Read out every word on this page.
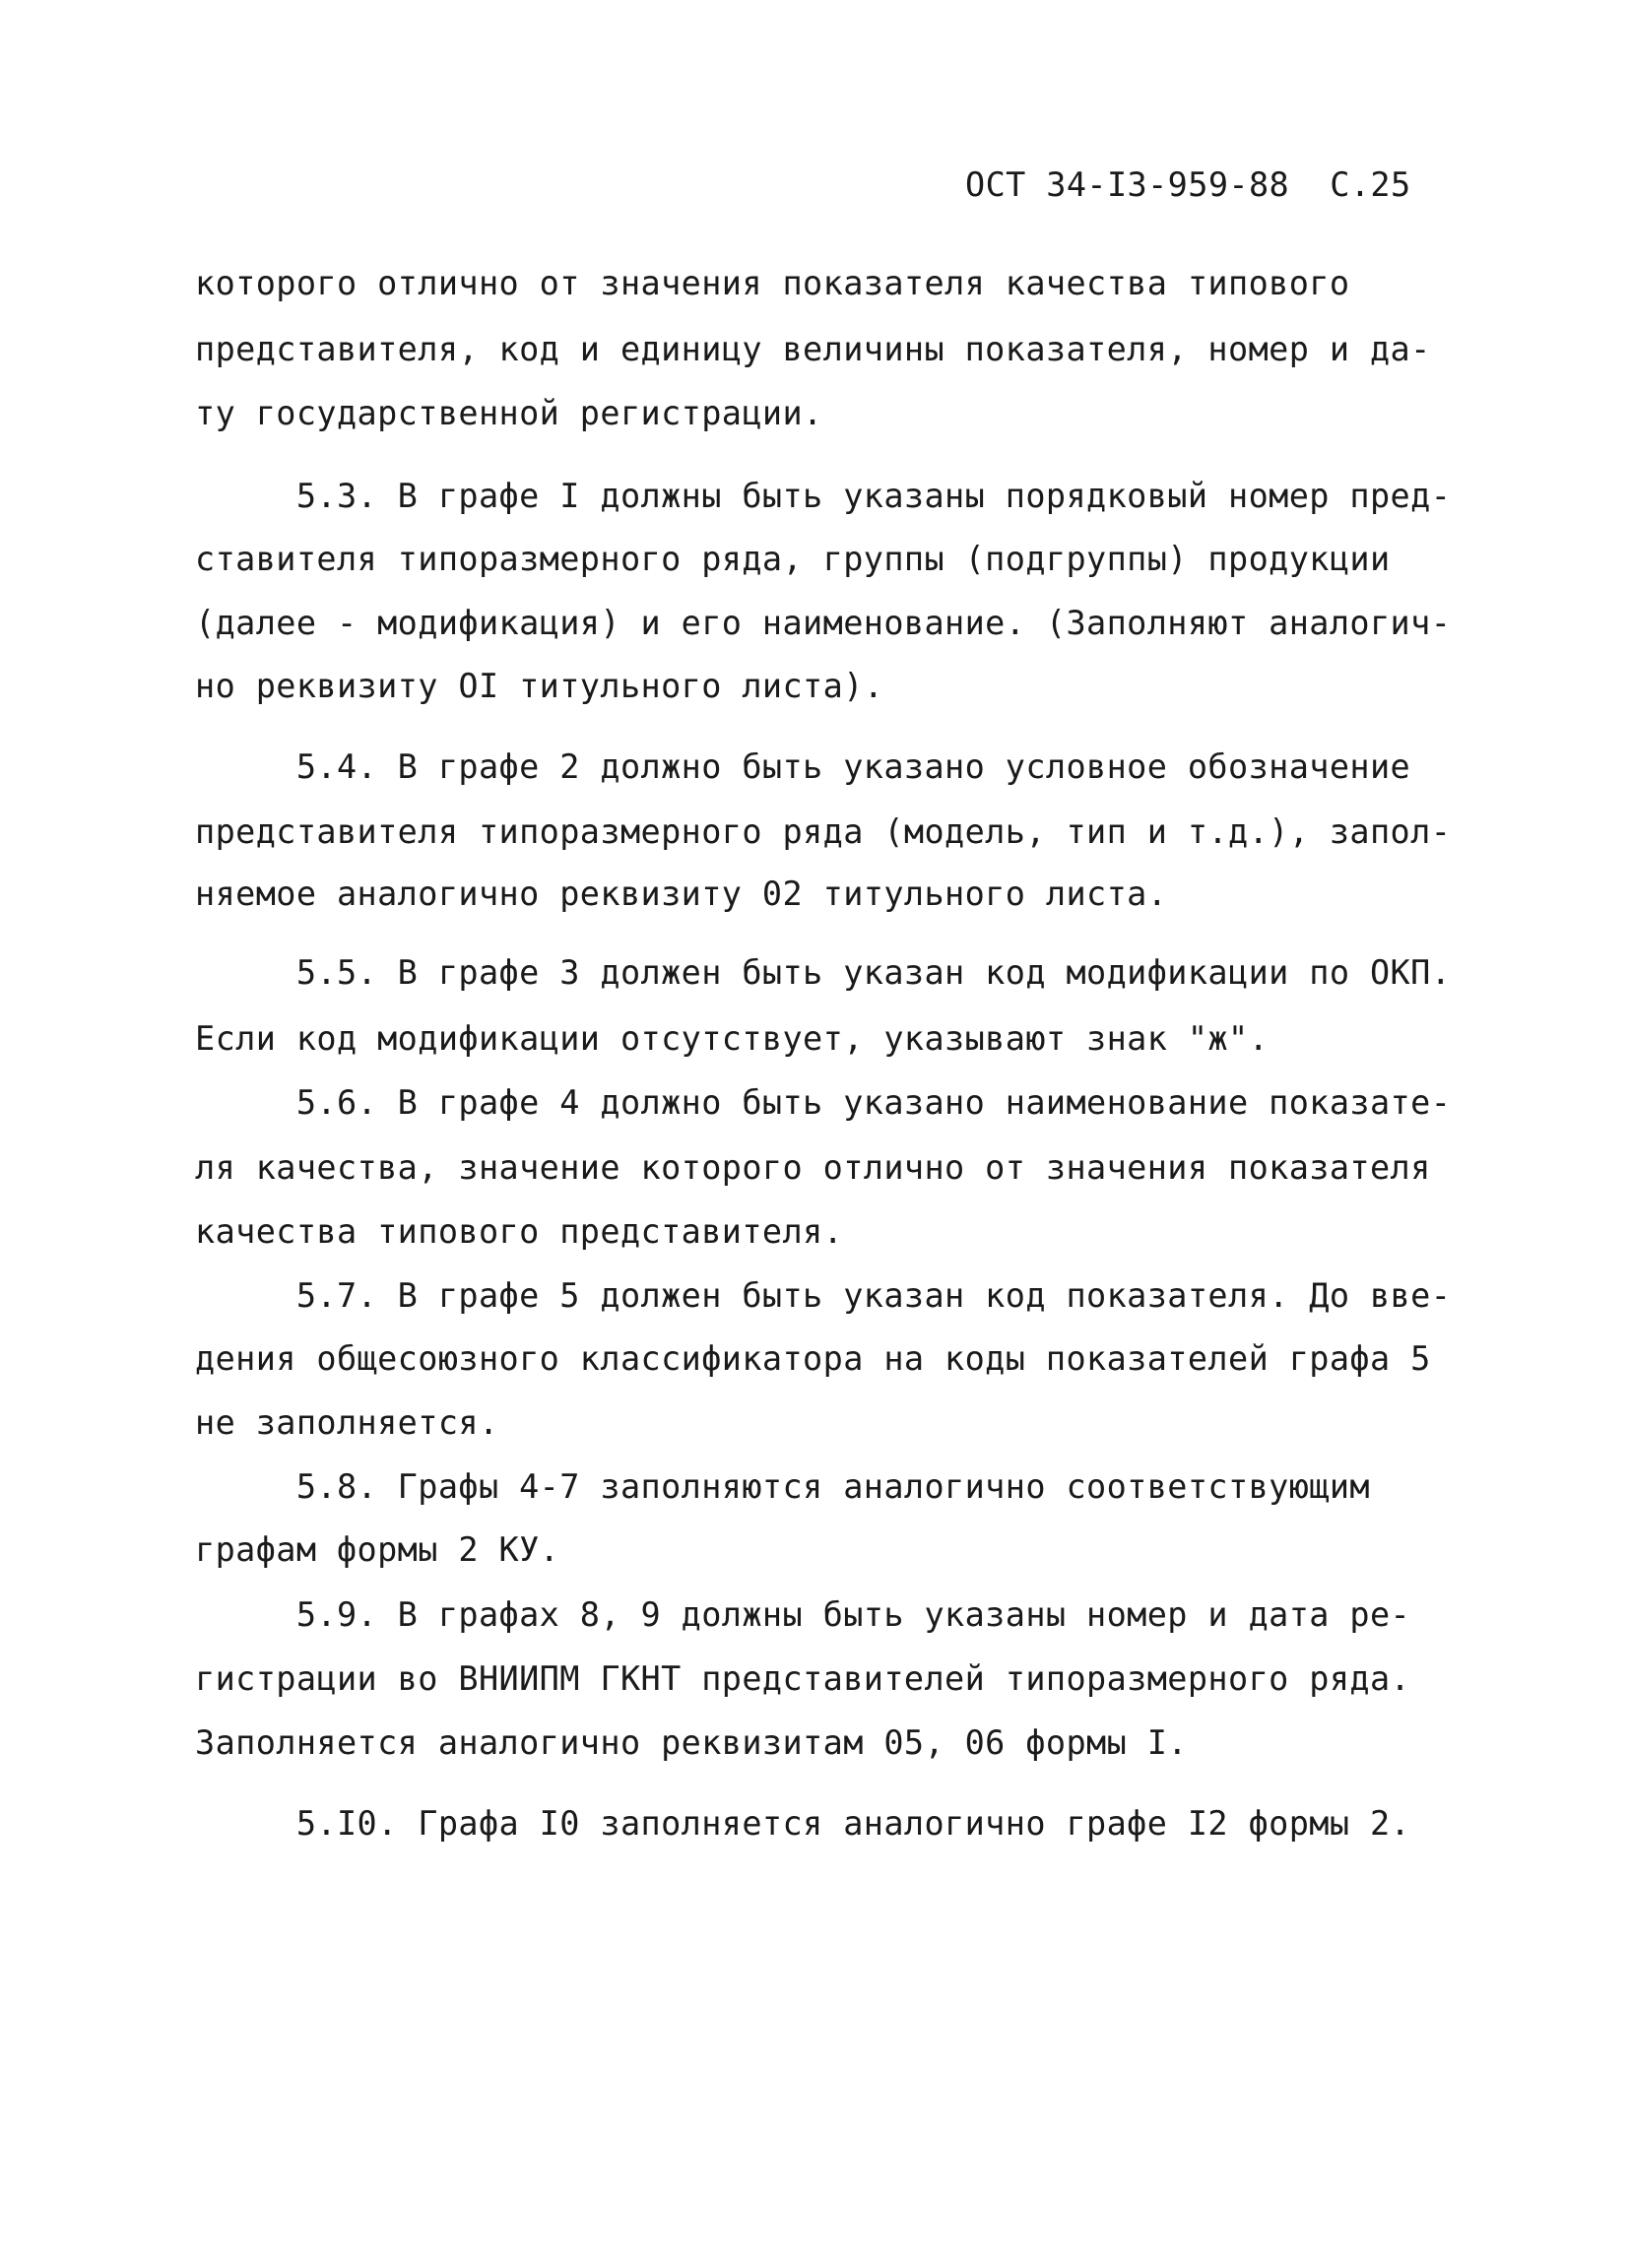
ОСТ 34-I3-959-88 С.25
которого отлично от значения показателя качества типового
представителя, код и единицу величины показателя, номер и да-
ту государственной регистрации.
5.3. В графе I должны быть указаны порядковый номер пред-
ставителя типоразмерного ряда, группы (подгруппы) продукции
(далее - модификация) и его наименование. (Заполняют аналогич-
но реквизиту OI титульного листа).
5.4. В графе 2 должно быть указано условное обозначение
представителя типоразмерного ряда (модель, тип и т.д.), запол-
няемое аналогично реквизиту 02 титульного листа.
5.5. В графе 3 должен быть указан код модификации по ОКП.
Если код модификации отсутствует, указывают знак "ж".
5.6. В графе 4 должно быть указано наименование показате-
ля качества, значение которого отлично от значения показателя
качества типового представителя.
5.7. В графе 5 должен быть указан код показателя. До вве-
дения общесоюзного классификатора на коды показателей графа 5
не заполняется.
5.8. Графы 4-7 заполняются аналогично соответствующим
графам формы 2 КУ.
5.9. В графах 8, 9 должны быть указаны номер и дата ре-
гистрации во ВНИИПМ ГКНТ представителей типоразмерного ряда.
Заполняется аналогично реквизитам 05, 06 формы I.
5.I0. Графа I0 заполняется аналогично графе I2 формы 2.
